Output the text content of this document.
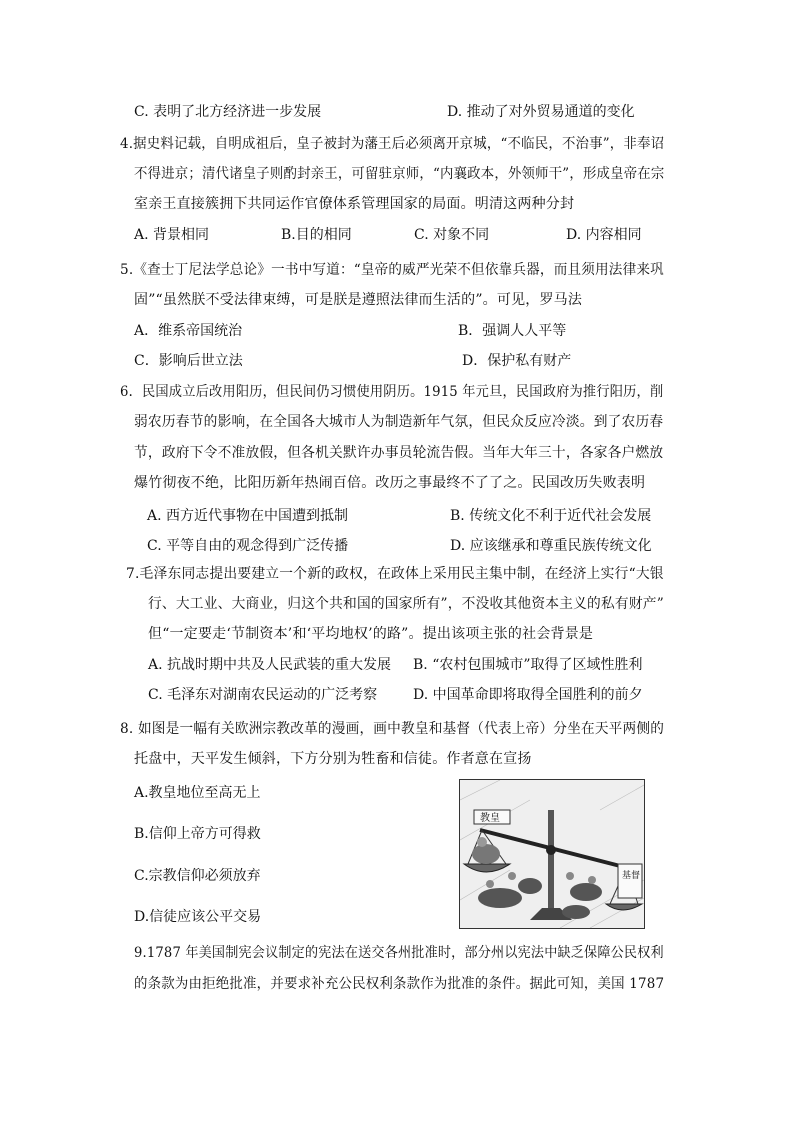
C. 表明了北方经济进一步发展	D. 推动了对外贸易通道的变化
4.据史料记载，自明成祖后，皇子被封为藩王后必须离开京城，“不临民，不治事”，非奉诏
不得进京；清代诸皇子则酌封亲王，可留驻京师，“内襄政本，外领师干”，形成皇帝在宗
室亲王直接簇拥下共同运作官僚体系管理国家的局面。明清这两种分封
A. 背景相同	B.目的相同	C. 对象不同	D. 内容相同
5.《查士丁尼法学总论》一书中写道：“皇帝的威严光荣不但依靠兵器，而且须用法律来巩
固”“虽然朕不受法律束缚，可是朕是遵照法律而生活的”。可见，罗马法
A．维系帝国统治	B．强调人人平等
C．影响后世立法	D．保护私有财产
6．民国成立后改用阳历，但民间仍习惯使用阴历。1915 年元旦，民国政府为推行阳历，削
弱农历春节的影响，在全国各大城市人为制造新年气氛，但民众反应冷淡。到了农历春
节，政府下令不准放假，但各机关默许办事员轮流告假。当年大年三十，各家各户燃放
爆竹彻夜不绝，比阳历新年热闹百倍。改历之事最终不了了之。民国改历失败表明
A. 西方近代事物在中国遭到抵制	B. 传统文化不利于近代社会发展
C. 平等自由的观念得到广泛传播	D. 应该继承和尊重民族传统文化
7.毛泽东同志提出要建立一个新的政权，在政体上采用民主集中制，在经济上实行“大银
行、大工业、大商业，归这个共和国的国家所有”，不没收其他资本主义的私有财产”
但“一定要走‘节制资本’和‘平均地权’的路”。提出该项主张的社会背景是
A. 抗战时期中共及人民武装的重大发展 B. “农村包围城市”取得了区域性胜利
C. 毛泽东对湖南农民运动的广泛考察	D. 中国革命即将取得全国胜利的前夕
8. 如图是一幅有关欧洲宗教改革的漫画，画中教皇和基督（代表上帝）分坐在天平两侧的
托盘中，天平发生倾斜，下方分别为牲畜和信徒。作者意在宣扬
A.教皇地位至高无上
B.信仰上帝方可得救
C.宗教信仰必须放弃
D.信徒应该公平交易
教皇
基督
9.1787 年美国制宪会议制定的宪法在送交各州批准时，部分州以宪法中缺乏保障公民权利
的条款为由拒绝批准，并要求补充公民权利条款作为批准的条件。据此可知，美国 1787
